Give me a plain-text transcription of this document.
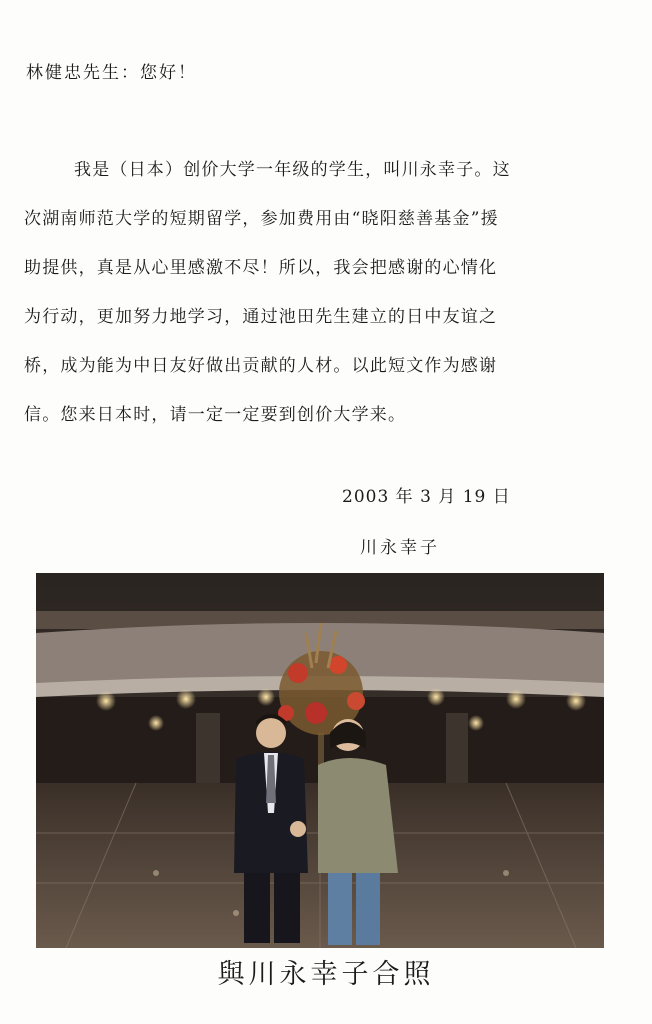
林健忠先生：您好！
我是（日本）创价大学一年级的学生，叫川永幸子。这
次湖南师范大学的短期留学，参加费用由“晓阳慈善基金”援
助提供，真是从心里感激不尽！所以，我会把感谢的心情化
为行动，更加努力地学习，通过池田先生建立的日中友谊之
桥，成为能为中日友好做出贡献的人材。以此短文作为感谢
信。您来日本时，请一定一定要到创价大学来。
2003 年 3 月 19 日
川永幸子
與川永幸子合照
